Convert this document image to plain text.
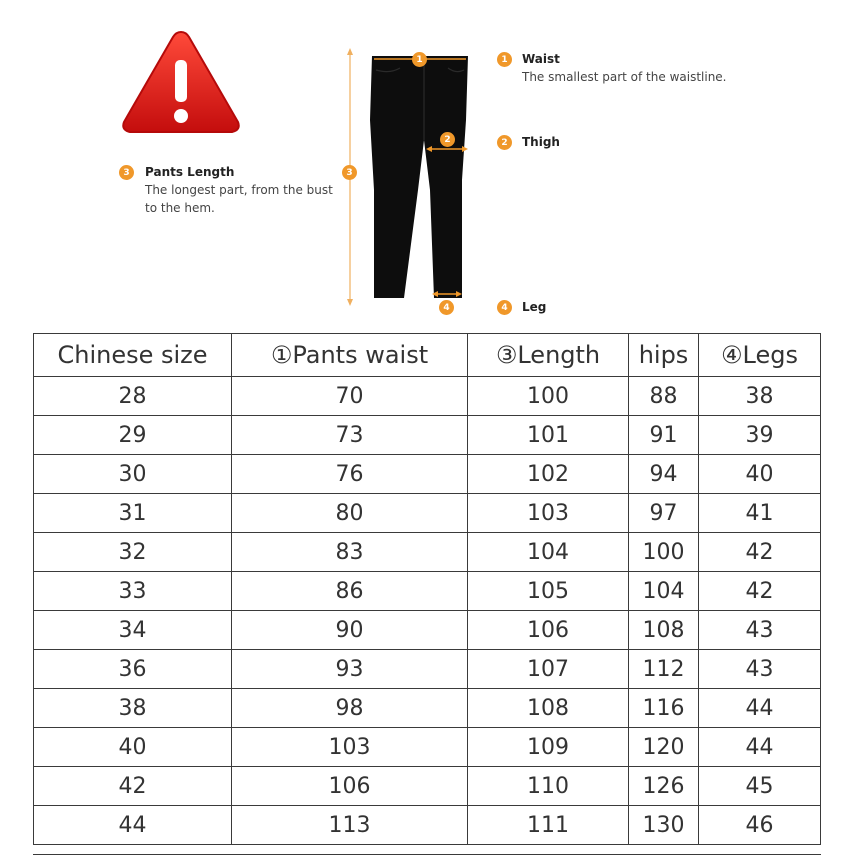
1	Waist
The smallest part of the waistline.
2	Thigh
3	Pants Length
The longest part, from the bust to the hem.
4	Leg
1
2
3
4
Chinese size	①Pants waist	③Length	hips	④Legs
28	70	100	88	38
29	73	101	91	39
30	76	102	94	40
31	80	103	97	41
32	83	104	100	42
33	86	105	104	42
34	90	106	108	43
36	93	107	112	43
38	98	108	116	44
40	103	109	120	44
42	106	110	126	45
44	113	111	130	46
